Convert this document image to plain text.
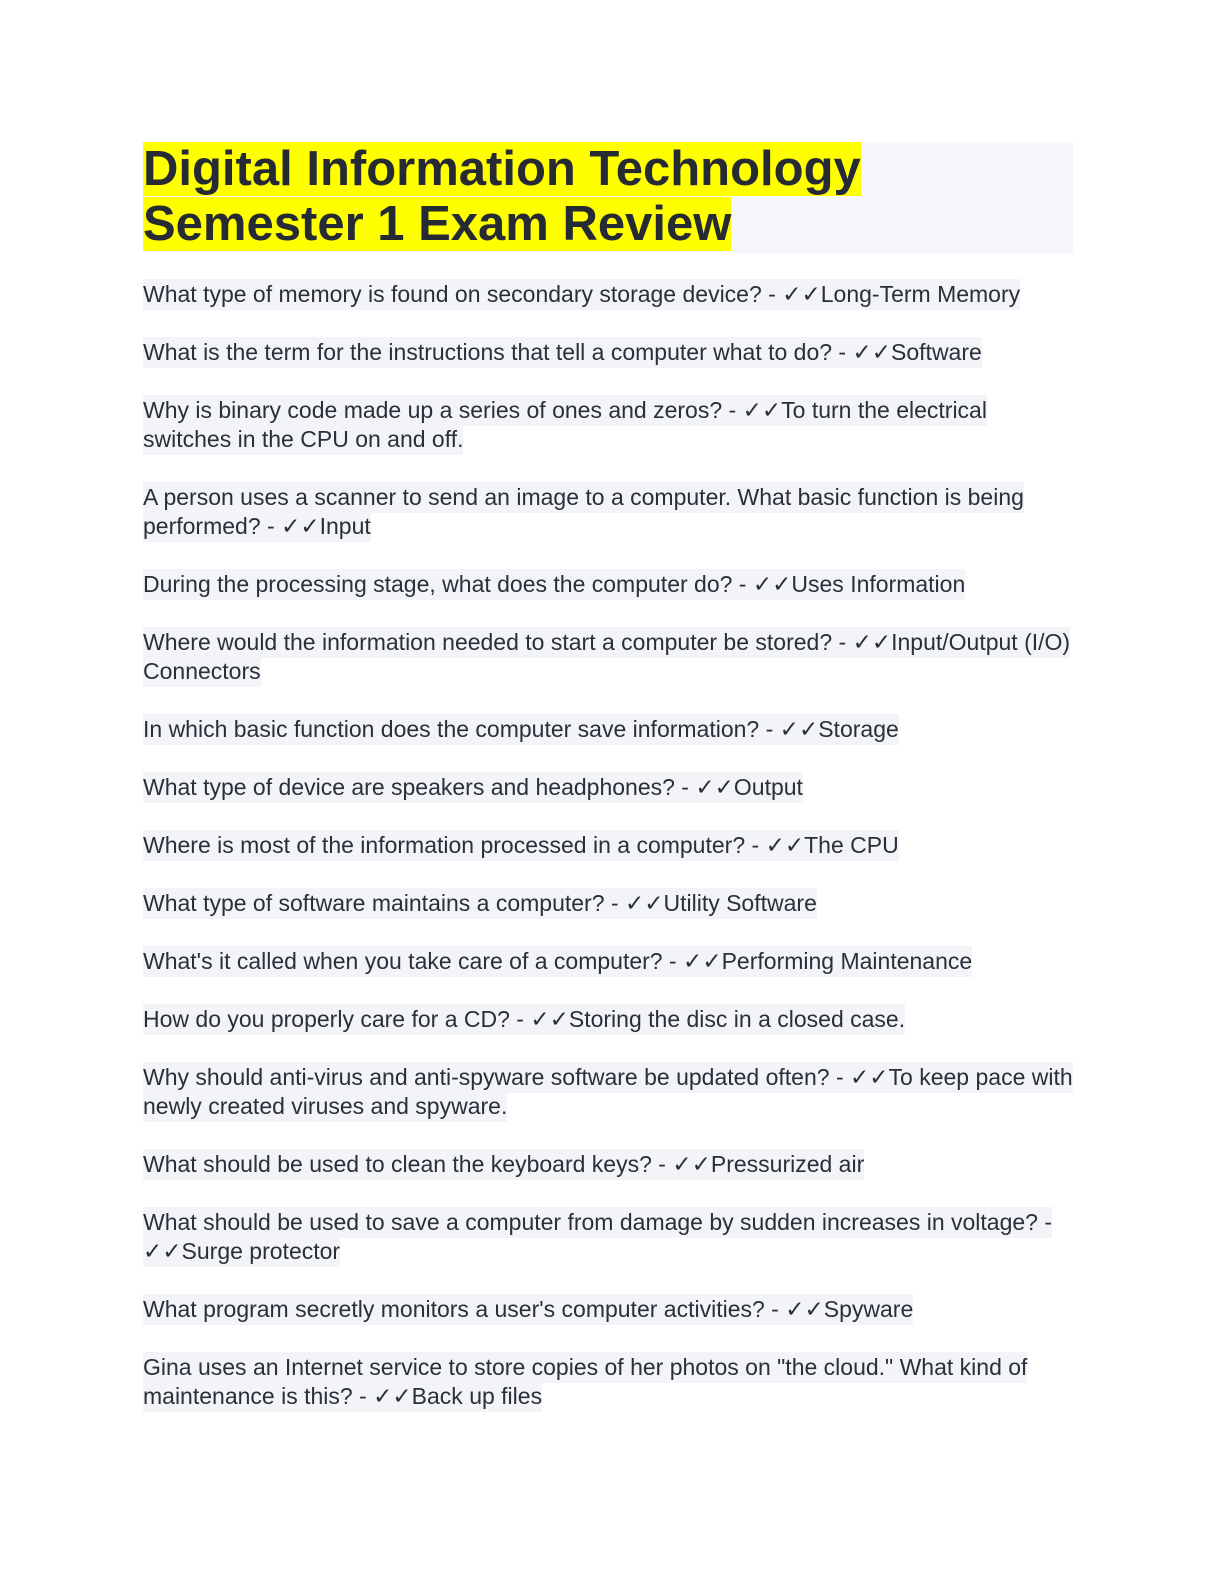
Digital Information Technology Semester 1 Exam Review

What type of memory is found on secondary storage device? - ✓✓Long-Term Memory

What is the term for the instructions that tell a computer what to do? - ✓✓Software

Why is binary code made up a series of ones and zeros? - ✓✓To turn the electrical switches in the CPU on and off.

A person uses a scanner to send an image to a computer. What basic function is being performed? - ✓✓Input

During the processing stage, what does the computer do? - ✓✓Uses Information

Where would the information needed to start a computer be stored? - ✓✓Input/Output (I/O) Connectors

In which basic function does the computer save information? - ✓✓Storage

What type of device are speakers and headphones? - ✓✓Output

Where is most of the information processed in a computer? - ✓✓The CPU

What type of software maintains a computer? - ✓✓Utility Software

What's it called when you take care of a computer? - ✓✓Performing Maintenance

How do you properly care for a CD? - ✓✓Storing the disc in a closed case.

Why should anti-virus and anti-spyware software be updated often? - ✓✓To keep pace with newly created viruses and spyware.

What should be used to clean the keyboard keys? - ✓✓Pressurized air

What should be used to save a computer from damage by sudden increases in voltage? - ✓✓Surge protector

What program secretly monitors a user's computer activities? - ✓✓Spyware

Gina uses an Internet service to store copies of her photos on "the cloud." What kind of maintenance is this? - ✓✓Back up files
